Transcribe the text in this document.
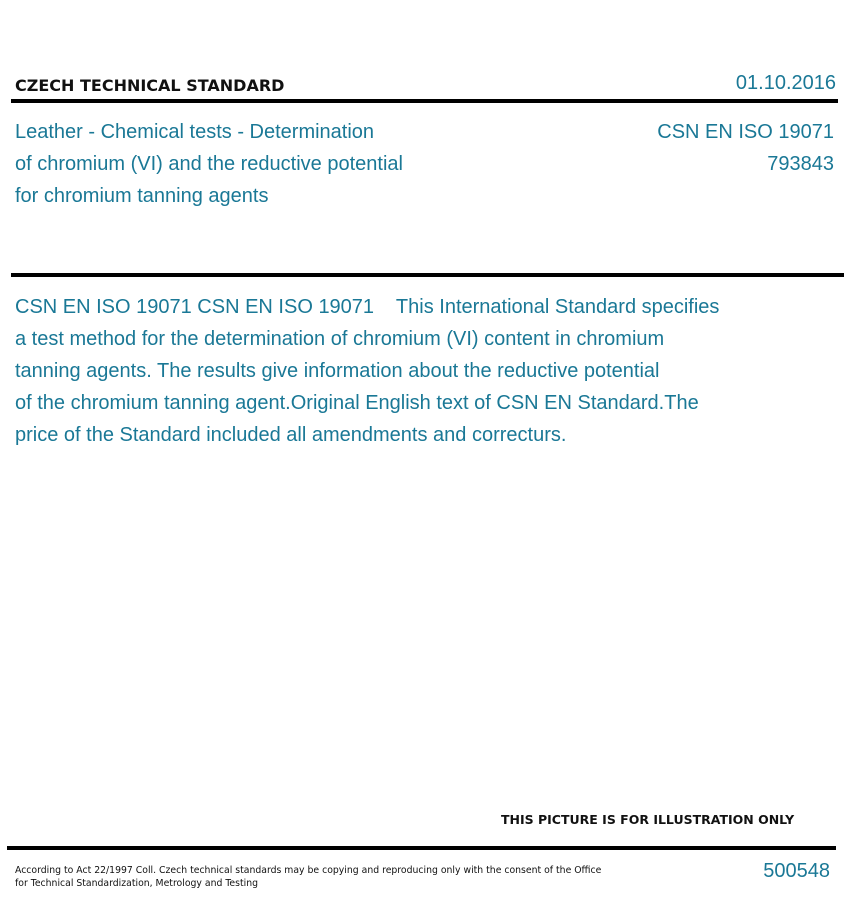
CZECH TECHNICAL STANDARD	01.10.2016
Leather - Chemical tests - Determination
of chromium (VI) and the reductive potential
for chromium tanning agents
CSN EN ISO 19071
793843
CSN EN ISO 19071 CSN EN ISO 19071    This International Standard specifies
a test method for the determination of chromium (VI) content in chromium
tanning agents. The results give information about the reductive potential
of the chromium tanning agent.Original English text of CSN EN Standard.The
price of the Standard included all amendments and correcturs.
THIS PICTURE IS FOR ILLUSTRATION ONLY
According to Act 22/1997 Coll. Czech technical standards may be copying and reproducing only with the consent of the Office
for Technical Standardization, Metrology and Testing
500548
